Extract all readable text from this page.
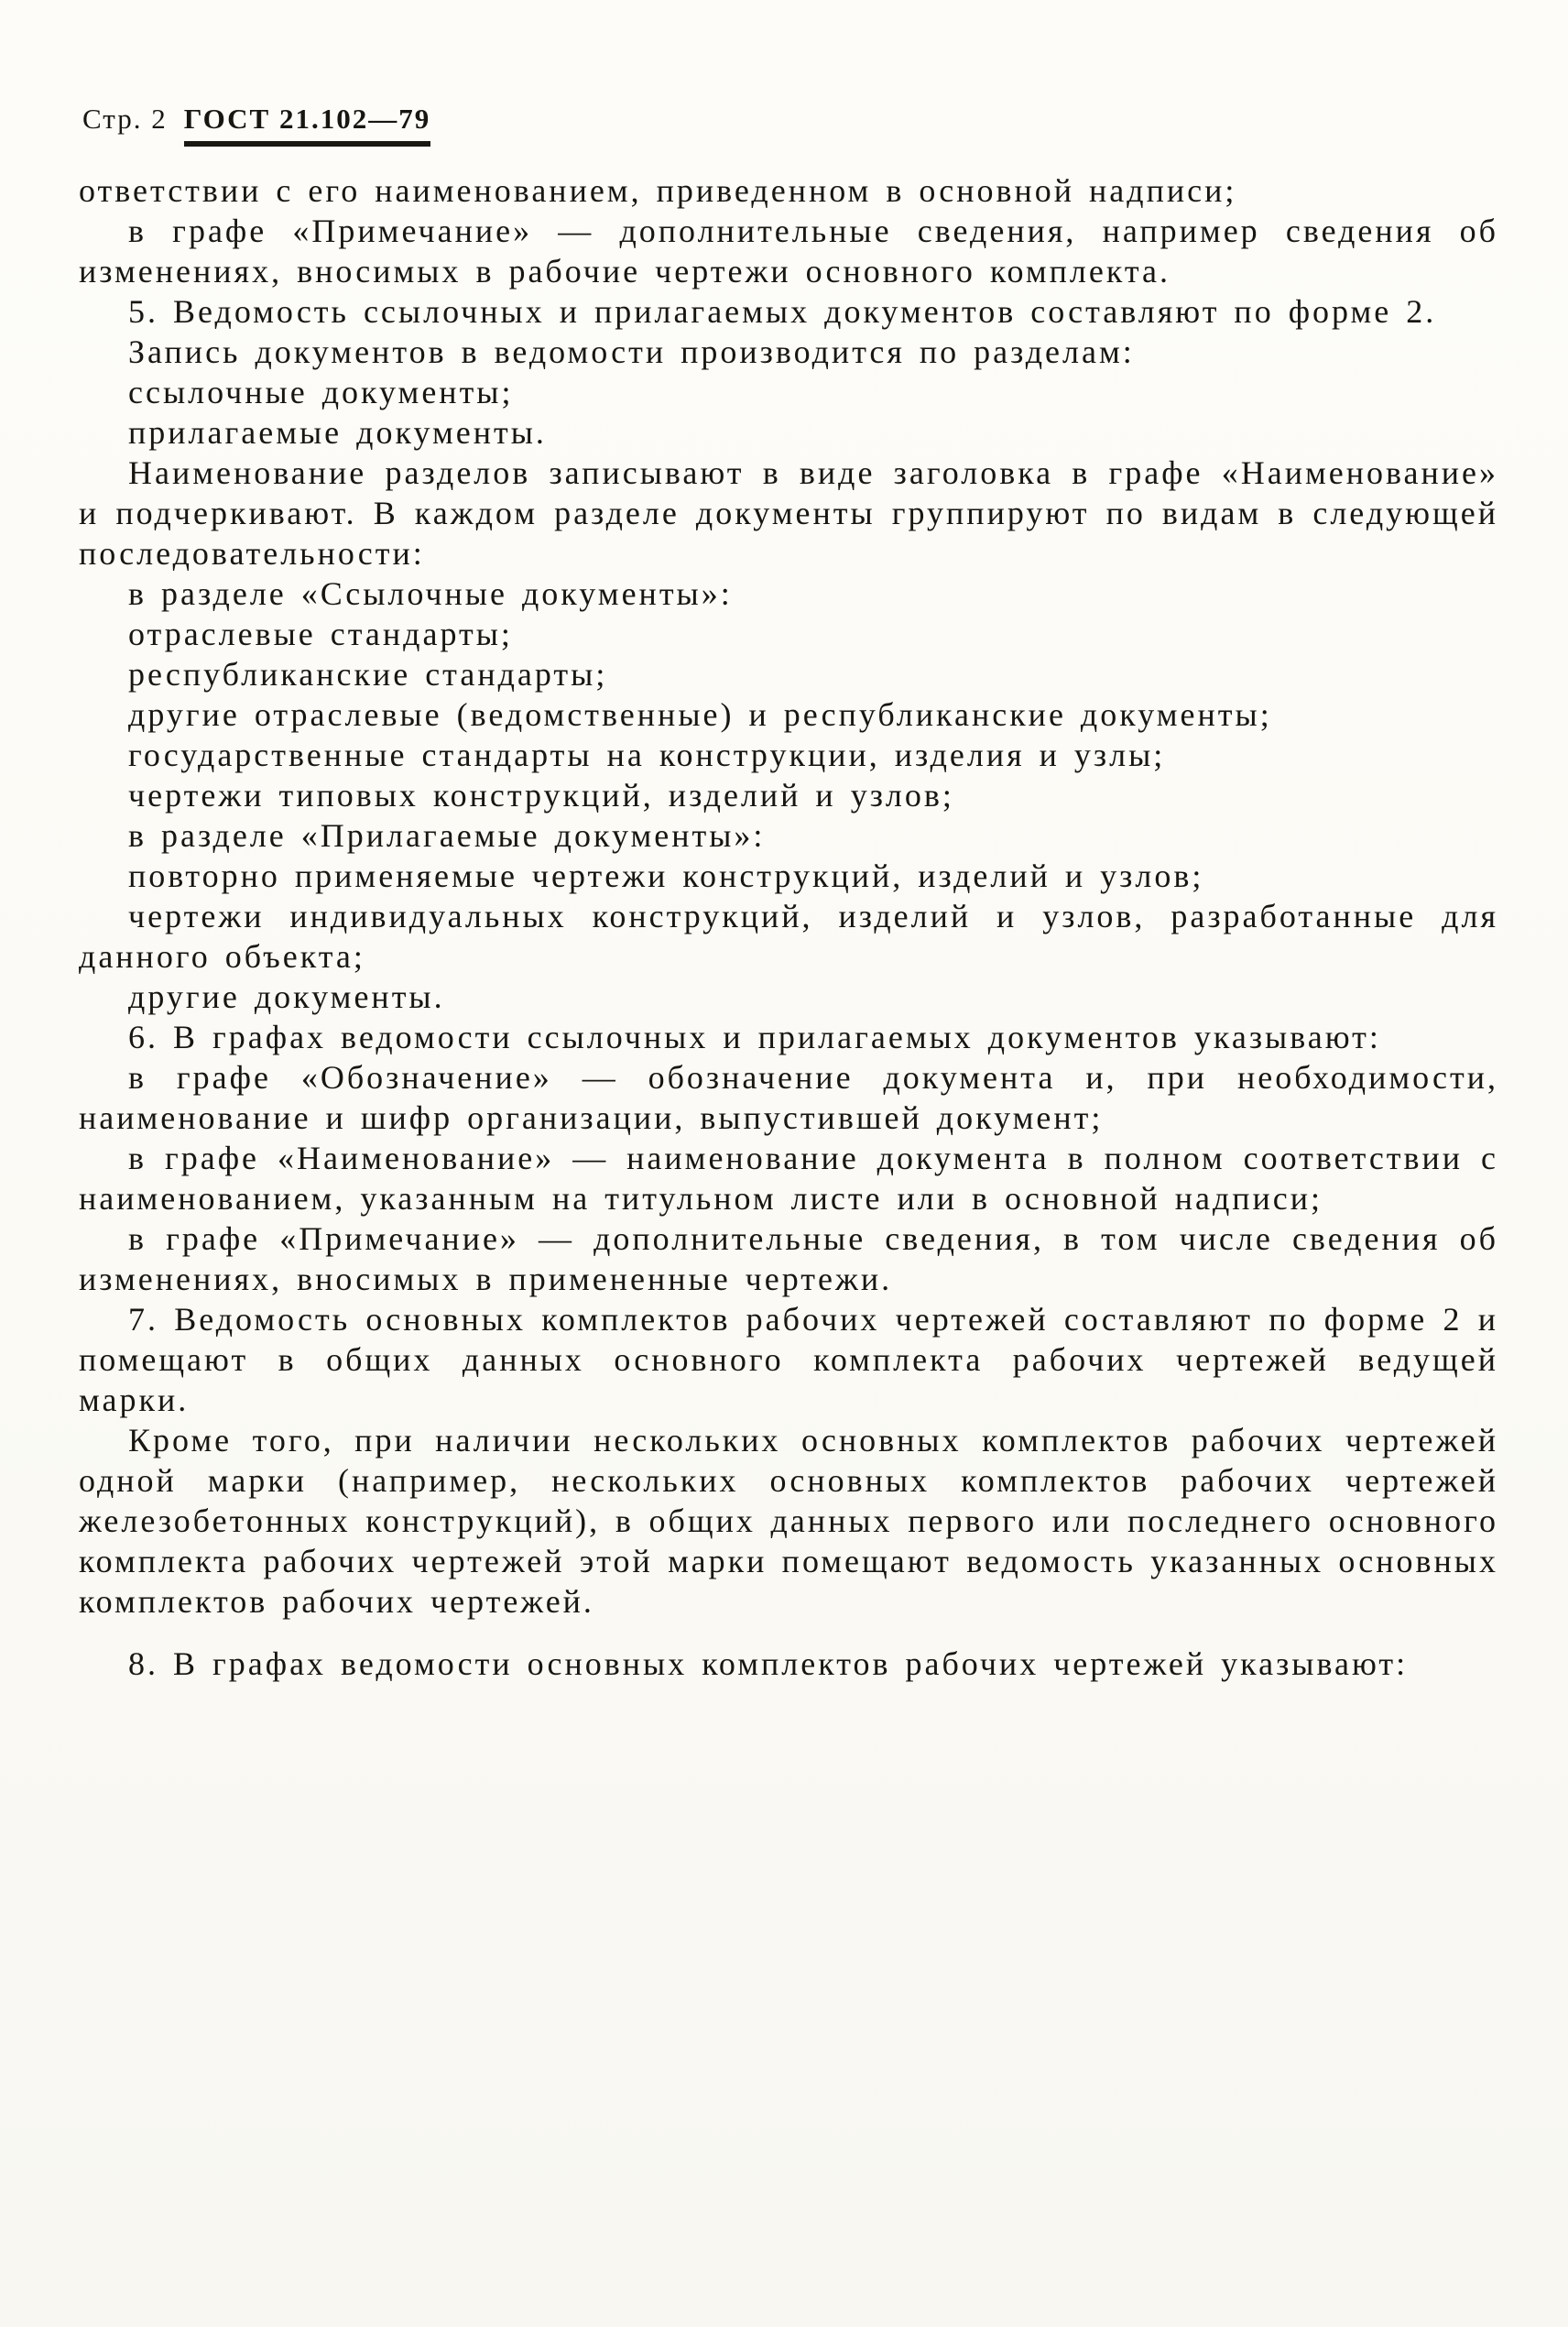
Стр. 2 ГОСТ 21.102—79

ответствии с его наименованием, приведенном в основной надписи;

в графе «Примечание» — дополнительные сведения, например сведения об изменениях, вносимых в рабочие чертежи основного комплекта.

5. Ведомость ссылочных и прилагаемых документов составляют по форме 2.

Запись документов в ведомости производится по разделам:

ссылочные документы;

прилагаемые документы.

Наименование разделов записывают в виде заголовка в графе «Наименование» и подчеркивают. В каждом разделе документы группируют по видам в следующей последовательности:

в разделе «Ссылочные документы»:

отраслевые стандарты;

республиканские стандарты;

другие отраслевые (ведомственные) и республиканские документы;

государственные стандарты на конструкции, изделия и узлы;

чертежи типовых конструкций, изделий и узлов;

в разделе «Прилагаемые документы»:

повторно применяемые чертежи конструкций, изделий и узлов;

чертежи индивидуальных конструкций, изделий и узлов, разработанные для данного объекта;

другие документы.

6. В графах ведомости ссылочных и прилагаемых документов указывают:

в графе «Обозначение» — обозначение документа и, при необходимости, наименование и шифр организации, выпустившей документ;

в графе «Наименование» — наименование документа в полном соответствии с наименованием, указанным на титульном листе или в основной надписи;

в графе «Примечание» — дополнительные сведения, в том числе сведения об изменениях, вносимых в примененные чертежи.

7. Ведомость основных комплектов рабочих чертежей составляют по форме 2 и помещают в общих данных основного комплекта рабочих чертежей ведущей марки.

Кроме того, при наличии нескольких основных комплектов рабочих чертежей одной марки (например, нескольких основных комплектов рабочих чертежей железобетонных конструкций), в общих данных первого или последнего основного комплекта рабочих чертежей этой марки помещают ведомость указанных основных комплектов рабочих чертежей.

8. В графах ведомости основных комплектов рабочих чертежей указывают:
